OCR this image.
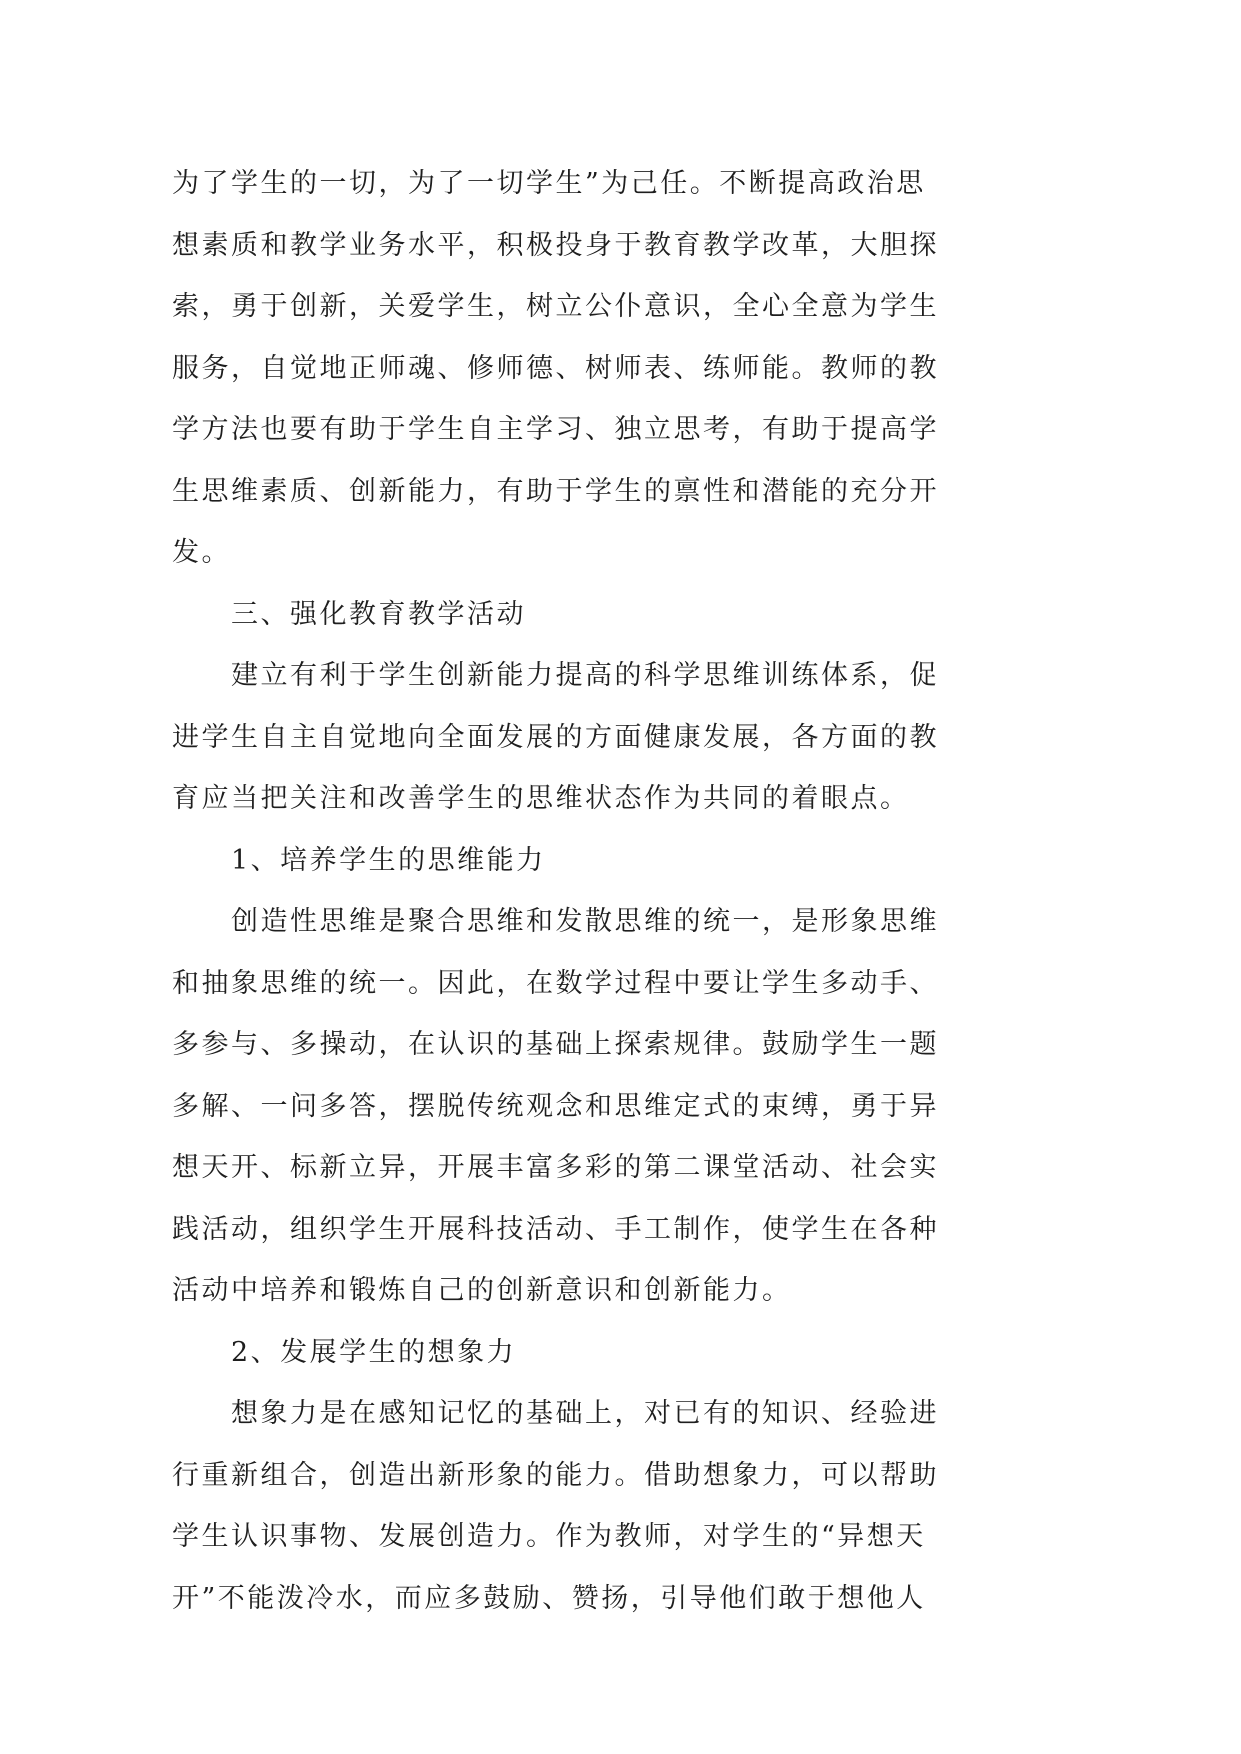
为了学生的一切，为了一切学生”为己任。不断提高政治思
想素质和教学业务水平，积极投身于教育教学改革，大胆探
索，勇于创新，关爱学生，树立公仆意识，全心全意为学生
服务，自觉地正师魂、修师德、树师表、练师能。教师的教
学方法也要有助于学生自主学习、独立思考，有助于提高学
生思维素质、创新能力，有助于学生的禀性和潜能的充分开
发。
三、强化教育教学活动
建立有利于学生创新能力提高的科学思维训练体系，促
进学生自主自觉地向全面发展的方面健康发展，各方面的教
育应当把关注和改善学生的思维状态作为共同的着眼点。
1、培养学生的思维能力
创造性思维是聚合思维和发散思维的统一，是形象思维
和抽象思维的统一。因此，在数学过程中要让学生多动手、
多参与、多操动，在认识的基础上探索规律。鼓励学生一题
多解、一问多答，摆脱传统观念和思维定式的束缚，勇于异
想天开、标新立异，开展丰富多彩的第二课堂活动、社会实
践活动，组织学生开展科技活动、手工制作，使学生在各种
活动中培养和锻炼自己的创新意识和创新能力。
2、发展学生的想象力
想象力是在感知记忆的基础上，对已有的知识、经验进
行重新组合，创造出新形象的能力。借助想象力，可以帮助
学生认识事物、发展创造力。作为教师，对学生的“异想天
开”不能泼冷水，而应多鼓励、赞扬，引导他们敢于想他人
